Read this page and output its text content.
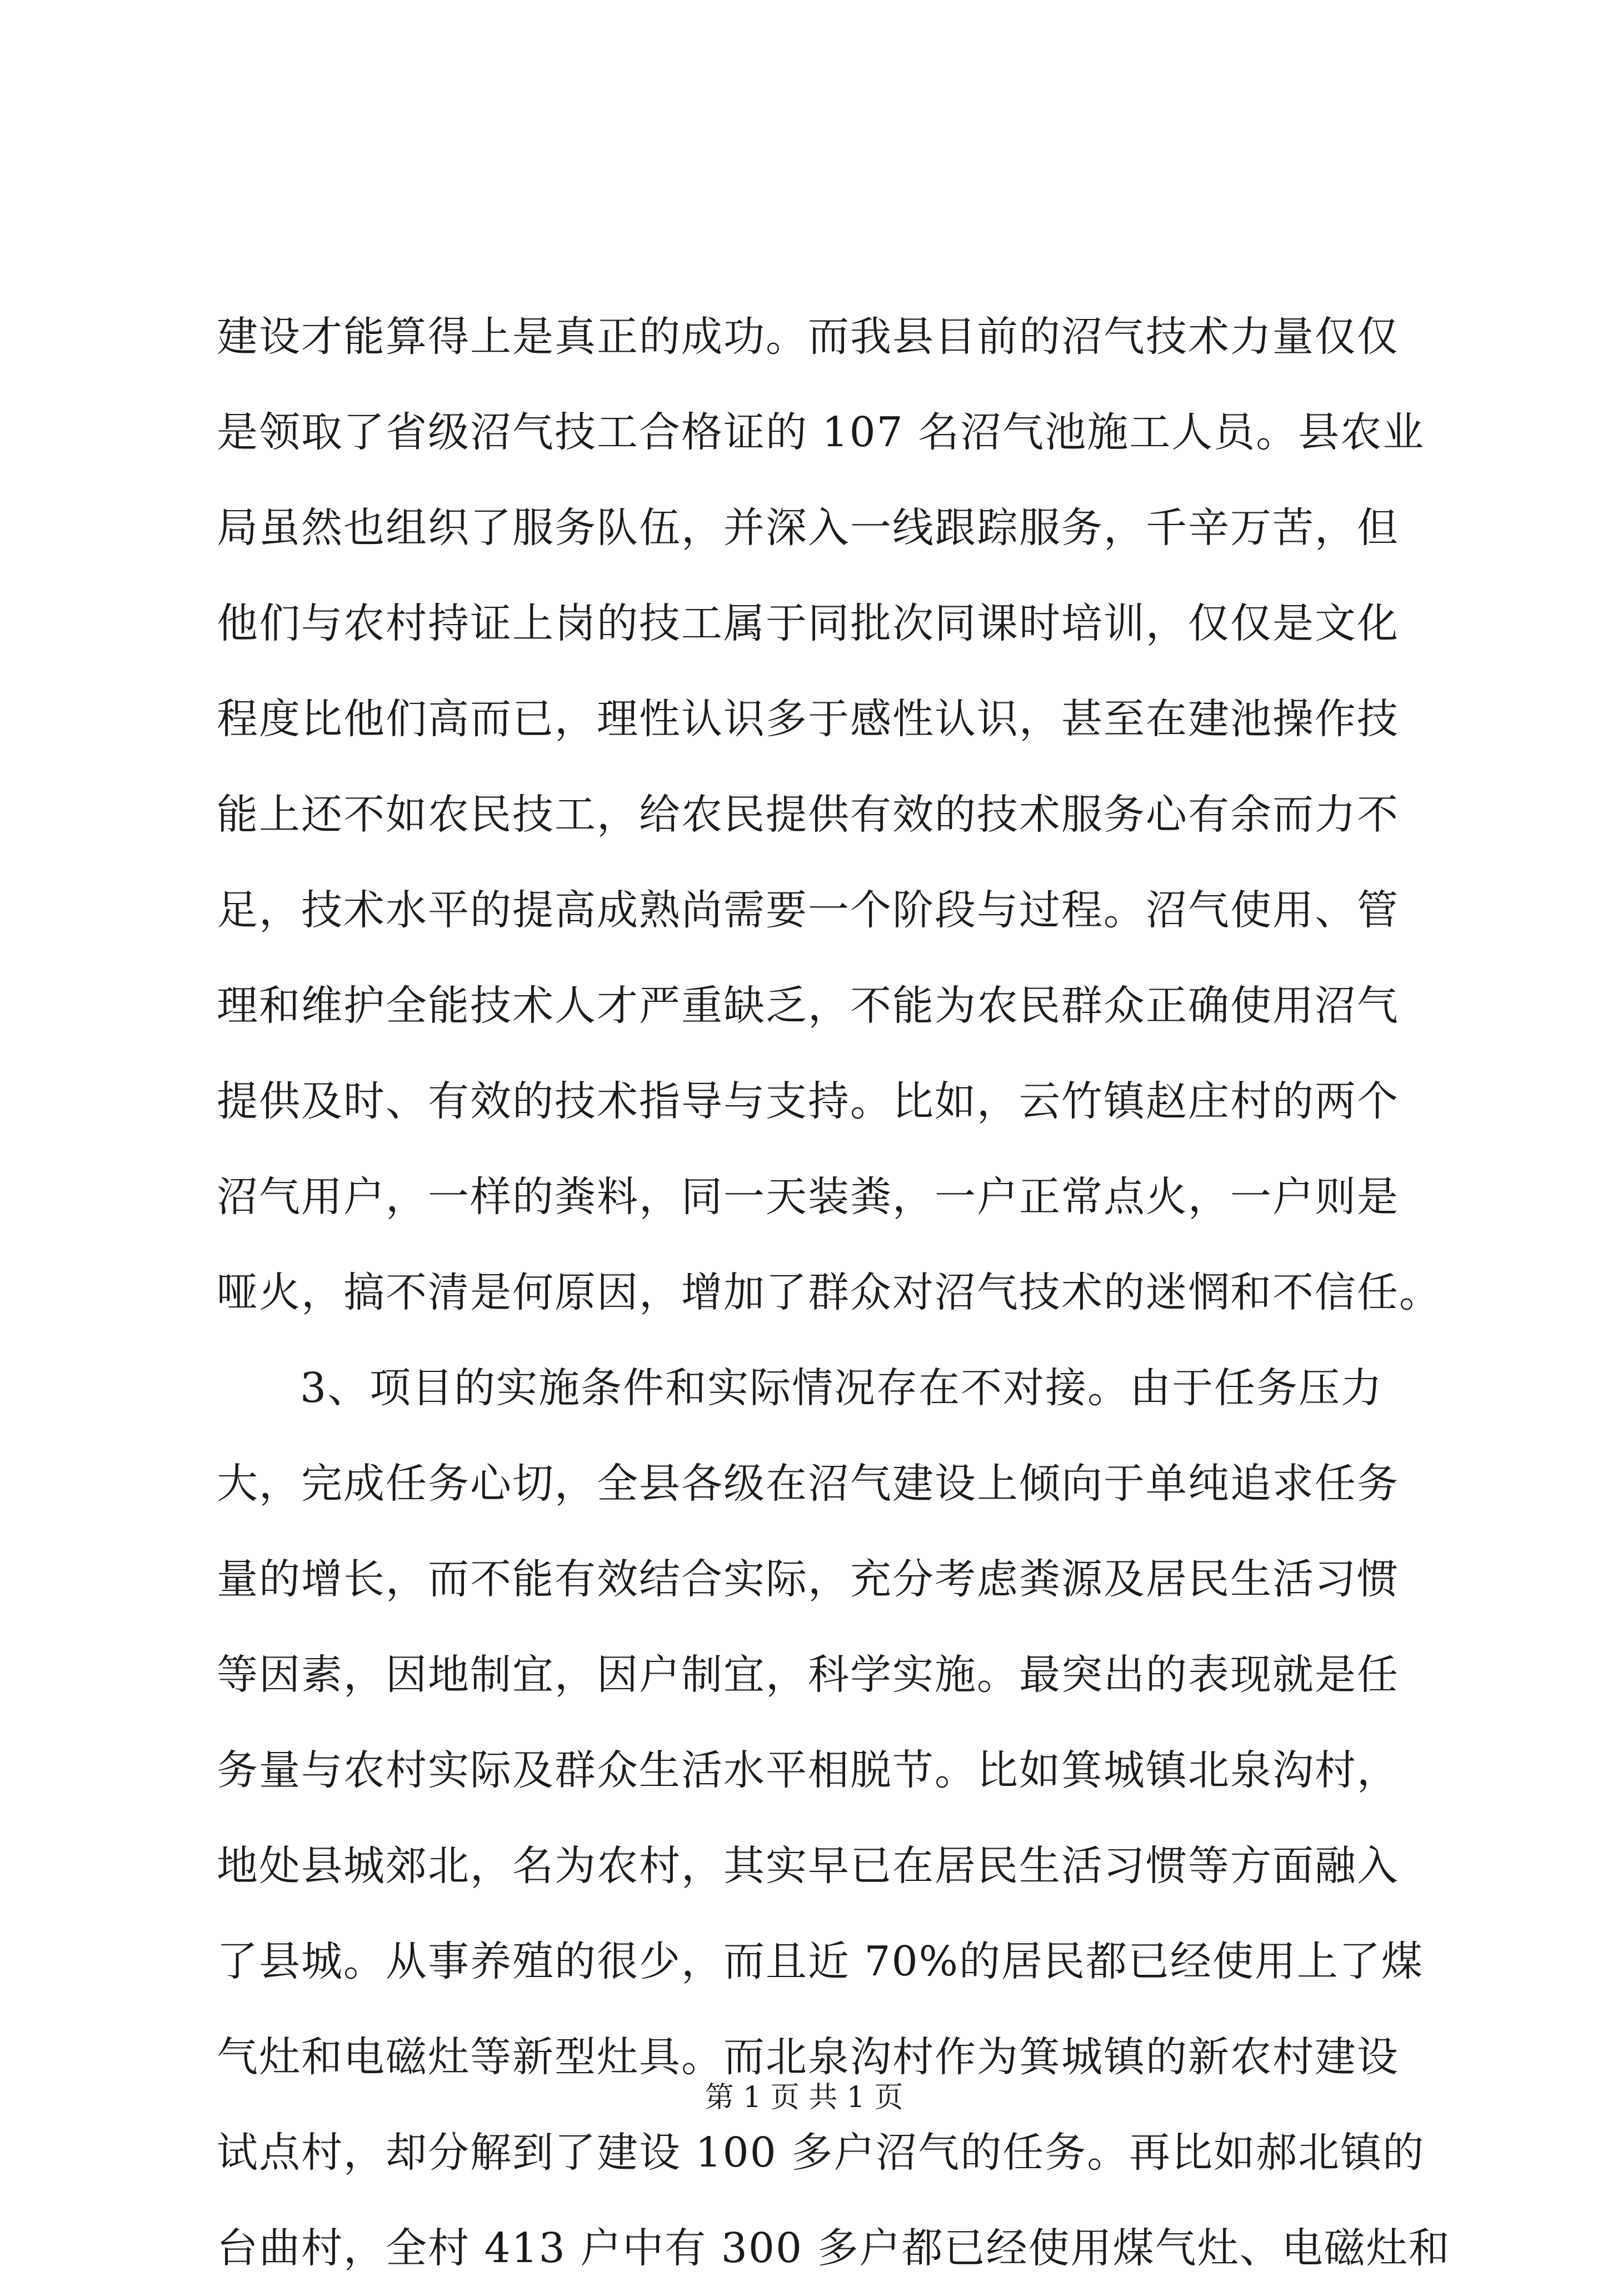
建设才能算得上是真正的成功。而我县目前的沼气技术力量仅仅
是领取了省级沼气技工合格证的 107 名沼气池施工人员。县农业
局虽然也组织了服务队伍，并深入一线跟踪服务，千辛万苦，但
他们与农村持证上岗的技工属于同批次同课时培训，仅仅是文化
程度比他们高而已，理性认识多于感性认识，甚至在建池操作技
能上还不如农民技工，给农民提供有效的技术服务心有余而力不
足，技术水平的提高成熟尚需要一个阶段与过程。沼气使用、管
理和维护全能技术人才严重缺乏，不能为农民群众正确使用沼气
提供及时、有效的技术指导与支持。比如，云竹镇赵庄村的两个
沼气用户，一样的粪料，同一天装粪，一户正常点火，一户则是
哑火，搞不清是何原因，增加了群众对沼气技术的迷惘和不信任。
3、项目的实施条件和实际情况存在不对接。由于任务压力
大，完成任务心切，全县各级在沼气建设上倾向于单纯追求任务
量的增长，而不能有效结合实际，充分考虑粪源及居民生活习惯
等因素，因地制宜，因户制宜，科学实施。最突出的表现就是任
务量与农村实际及群众生活水平相脱节。比如箕城镇北泉沟村，
地处县城郊北，名为农村，其实早已在居民生活习惯等方面融入
了县城。从事养殖的很少，而且近 70%的居民都已经使用上了煤
气灶和电磁灶等新型灶具。而北泉沟村作为箕城镇的新农村建设
试点村，却分解到了建设 100 多户沼气的任务。再比如郝北镇的
台曲村，全村 413 户中有 300 多户都已经使用煤气灶、电磁灶和
第 1 页 共 1 页
